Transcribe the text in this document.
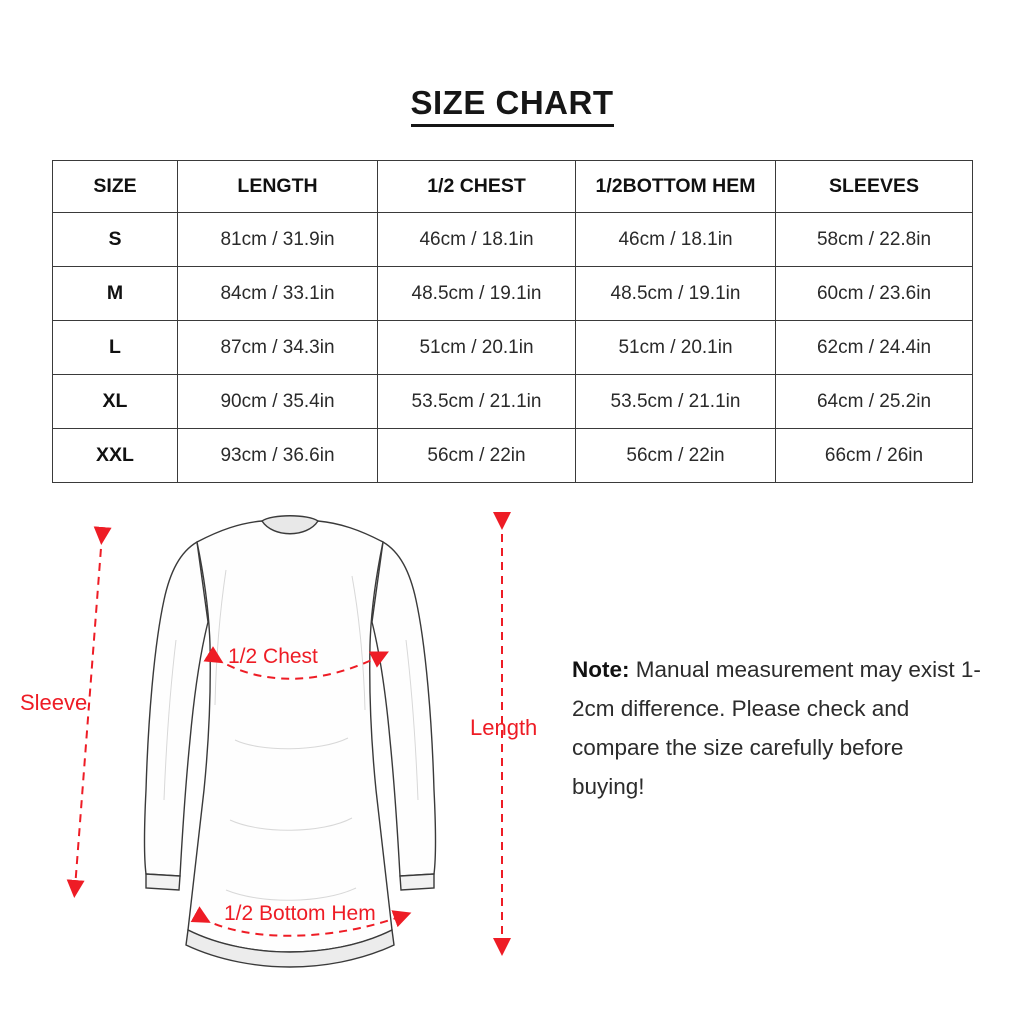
SIZE CHART
SIZE	LENGTH	1/2 CHEST	1/2BOTTOM HEM	SLEEVES
S	81cm / 31.9in	46cm / 18.1in	46cm / 18.1in	58cm / 22.8in
M	84cm / 33.1in	48.5cm / 19.1in	48.5cm / 19.1in	60cm / 23.6in
L	87cm / 34.3in	51cm / 20.1in	51cm / 20.1in	62cm / 24.4in
XL	90cm / 35.4in	53.5cm / 21.1in	53.5cm / 21.1in	64cm / 25.2in
XXL	93cm / 36.6in	56cm / 22in	56cm / 22in	66cm / 26in
Sleeve
Length
1/2 Chest
1/2 Bottom Hem
Note: Manual measurement may exist 1-2cm difference. Please check and compare the size carefully before buying!
